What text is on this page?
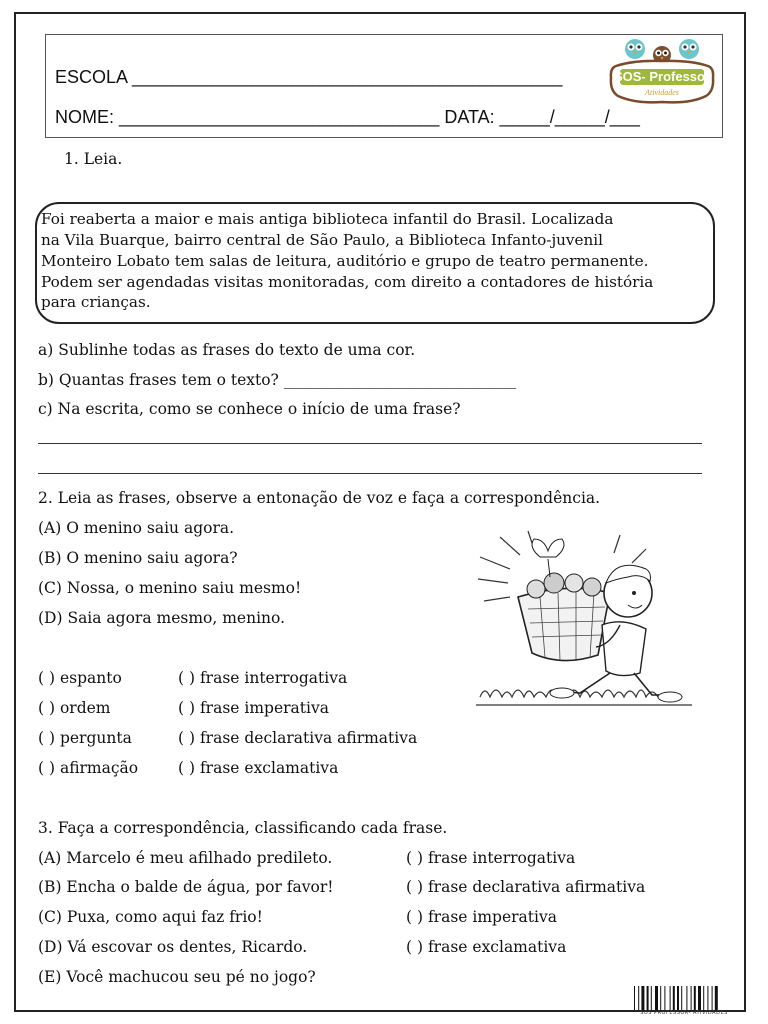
ESCOLA ___________________________________________
NOME: ________________________________ DATA: _____/_____/___
SOS- Professor
Atividades
1. Leia.
Foi reaberta a maior e mais antiga biblioteca infantil do Brasil. Localizada
na Vila Buarque, bairro central de São Paulo, a Biblioteca Infanto-juvenil
Monteiro Lobato tem salas de leitura, auditório e grupo de teatro permanente.
Podem ser agendadas visitas monitoradas, com direito a contadores de história
para crianças.
a) Sublinhe todas as frases do texto de uma cor.
b) Quantas frases tem o texto? ______________________________
c) Na escrita, como se conhece o início de uma frase?
2. Leia as frases, observe a entonação de voz e faça a correspondência.
(A) O menino saiu agora.
(B) O menino saiu agora?
(C) Nossa, o menino saiu mesmo!
(D) Saia agora mesmo, menino.
( ) espanto	( ) frase interrogativa
( ) ordem	( ) frase imperativa
( ) pergunta	( ) frase declarativa afirmativa
( ) afirmação	( ) frase exclamativa
3. Faça a correspondência, classificando cada frase.
(A) Marcelo é meu afilhado predileto.	( ) frase interrogativa
(B) Encha o balde de água, por favor!	( ) frase declarativa afirmativa
(C) Puxa, como aqui faz frio!	( ) frase imperativa
(D) Vá escovar os dentes, Ricardo.	( ) frase exclamativa
(E) Você machucou seu pé no jogo?
SOS PROFESSOR- ATIVIDADES
